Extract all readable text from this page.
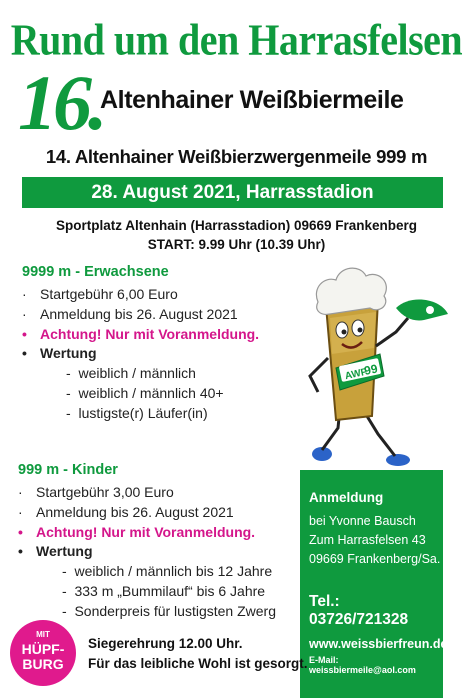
Rund um den Harrasfelsen
16.
Altenhainer Weißbiermeile
14. Altenhainer Weißbierzwergenmeile 999 m
28. August 2021, Harrasstadion
Sportplatz Altenhain (Harrasstadion) 09669 Frankenberg
START: 9.99 Uhr (10.39 Uhr)
9999 m - Erwachsene
· Startgebühr 6,00 Euro
· Anmeldung bis 26. August 2021
• Achtung! Nur mit Voranmeldung.
• Wertung
-  weiblich / männlich
-  weiblich / männlich 40+
-  lustigste(r) Läufer(in)
999 m - Kinder
· Startgebühr 3,00 Euro
· Anmeldung bis 26. August 2021
• Achtung! Nur mit Voranmeldung.
• Wertung
-  weiblich / männlich bis 12 Jahre
-  333 m „Bummilauf“ bis 6 Jahre
-  Sonderpreis für lustigsten Zwerg
AWF
99
Anmeldung
bei Yvonne Bausch
Zum Harrasfelsen 43
09669 Frankenberg/Sa.
Tel.: 03726/721328
www.weissbierfreun.de
E-Mail: weissbiermeile@aol.com
MIT
HÜPF-
BURG
Siegerehrung 12.00 Uhr.
Für das leibliche Wohl ist gesorgt.
